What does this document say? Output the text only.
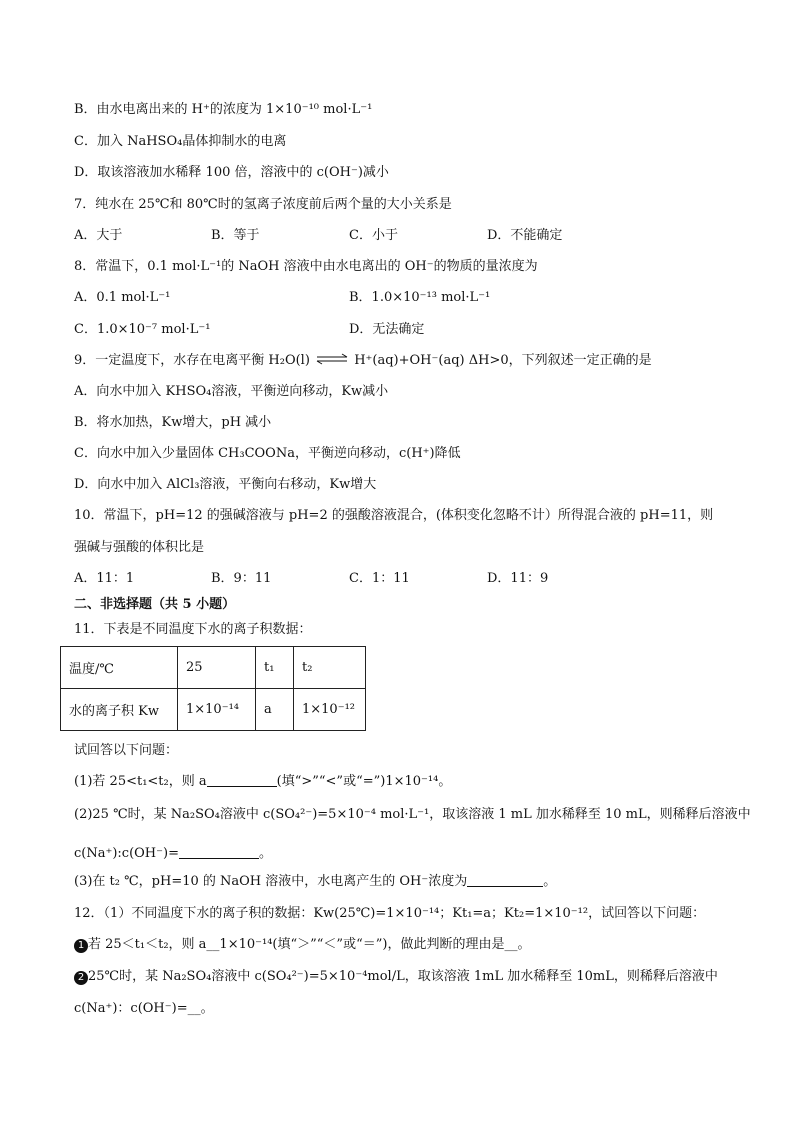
B．由水电离出来的 H⁺的浓度为 1×10⁻¹⁰ mol·L⁻¹
C．加入 NaHSO₄晶体抑制水的电离
D．取该溶液加水稀释 100 倍，溶液中的 c(OH⁻)减小
7．纯水在 25℃和 80℃时的氢离子浓度前后两个量的大小关系是
A．大于	B．等于	C．小于	D．不能确定
8．常温下，0.1 mol·L⁻¹的 NaOH 溶液中由水电离出的 OH⁻的物质的量浓度为
A．0.1 mol·L⁻¹	B．1.0×10⁻¹³ mol·L⁻¹
C．1.0×10⁻⁷ mol·L⁻¹	D．无法确定
9．一定温度下，水存在电离平衡 H₂O(l) ⇌ H⁺(aq)+OH⁻(aq) ΔH>0，下列叙述一定正确的是
A．向水中加入 KHSO₄溶液，平衡逆向移动，Kw减小
B．将水加热，Kw增大，pH 减小
C．向水中加入少量固体 CH₃COONa，平衡逆向移动，c(H⁺)降低
D．向水中加入 AlCl₃溶液，平衡向右移动，Kw增大
10．常温下，pH=12 的强碱溶液与 pH=2 的强酸溶液混合，(体积变化忽略不计）所得混合液的 pH=11，则
强碱与强酸的体积比是
A．11：1	B．9：11	C．1：11	D．11：9
二、非选择题（共 5 小题）
11．下表是不同温度下水的离子积数据：
温度/℃	25	t₁	t₂
水的离子积 Kw	1×10⁻¹⁴	a	1×10⁻¹²
试回答以下问题：
(1)若 25<t₁<t₂，则 a	(填“>”“<”或“=”)1×10⁻¹⁴。
(2)25 ℃时，某 Na₂SO₄溶液中 c(SO₄²⁻)=5×10⁻⁴ mol·L⁻¹，取该溶液 1 mL 加水稀释至 10 mL，则稀释后溶液中
c(Na⁺):c(OH⁻)=	。
(3)在 t₂ ℃，pH=10 的 NaOH 溶液中，水电离产生的 OH⁻浓度为	。
12．（1）不同温度下水的离子积的数据：Kw(25℃)=1×10⁻¹⁴；Kt₁=a；Kt₂=1×10⁻¹²，试回答以下问题：
1 若 25＜t₁＜t₂，则 a__1×10⁻¹⁴(填“＞”“＜”或“＝”)，做此判断的理由是__。
2 25℃时，某 Na₂SO₄溶液中 c(SO₄²⁻)=5×10⁻⁴mol/L，取该溶液 1mL 加水稀释至 10mL，则稀释后溶液中
c(Na⁺)：c(OH⁻)=__。
